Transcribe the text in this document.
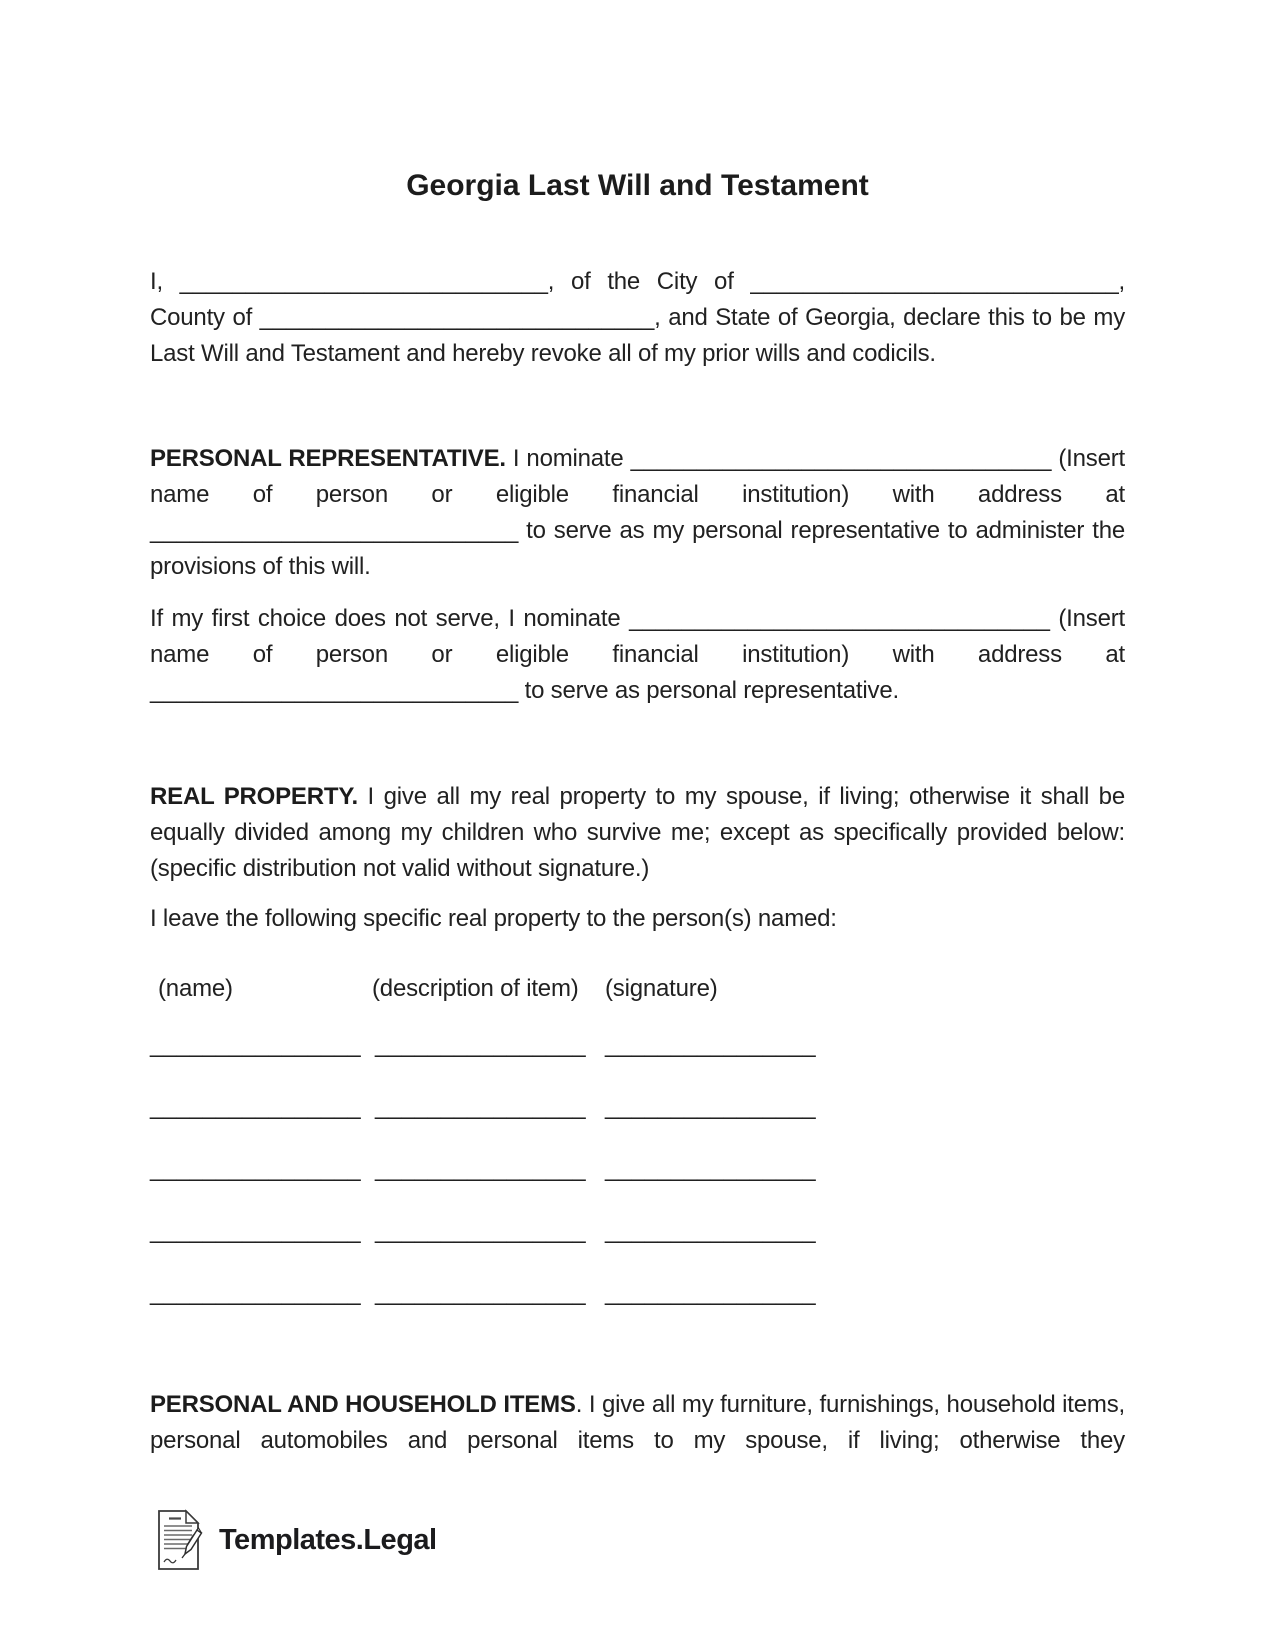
Georgia Last Will and Testament

I, ____________________________, of the City of ____________________________, County of ______________________________, and State of Georgia, declare this to be my Last Will and Testament and hereby revoke all of my prior wills and codicils.

PERSONAL REPRESENTATIVE. I nominate ________________________________ (Insert name of person or eligible financial institution) with address at ____________________________ to serve as my personal representative to administer the provisions of this will.

If my first choice does not serve, I nominate ________________________________ (Insert name of person or eligible financial institution) with address at ____________________________ to serve as personal representative.

REAL PROPERTY. I give all my real property to my spouse, if living; otherwise it shall be equally divided among my children who survive me; except as specifically provided below: (specific distribution not valid without signature.)

I leave the following specific real property to the person(s) named:

(name)	(description of item) (signature)
________________ ________________ ________________
________________ ________________ ________________
________________ ________________ ________________
________________ ________________ ________________
________________ ________________ ________________

PERSONAL AND HOUSEHOLD ITEMS. I give all my furniture, furnishings, household items, personal automobiles and personal items to my spouse, if living; otherwise they

Templates.Legal
